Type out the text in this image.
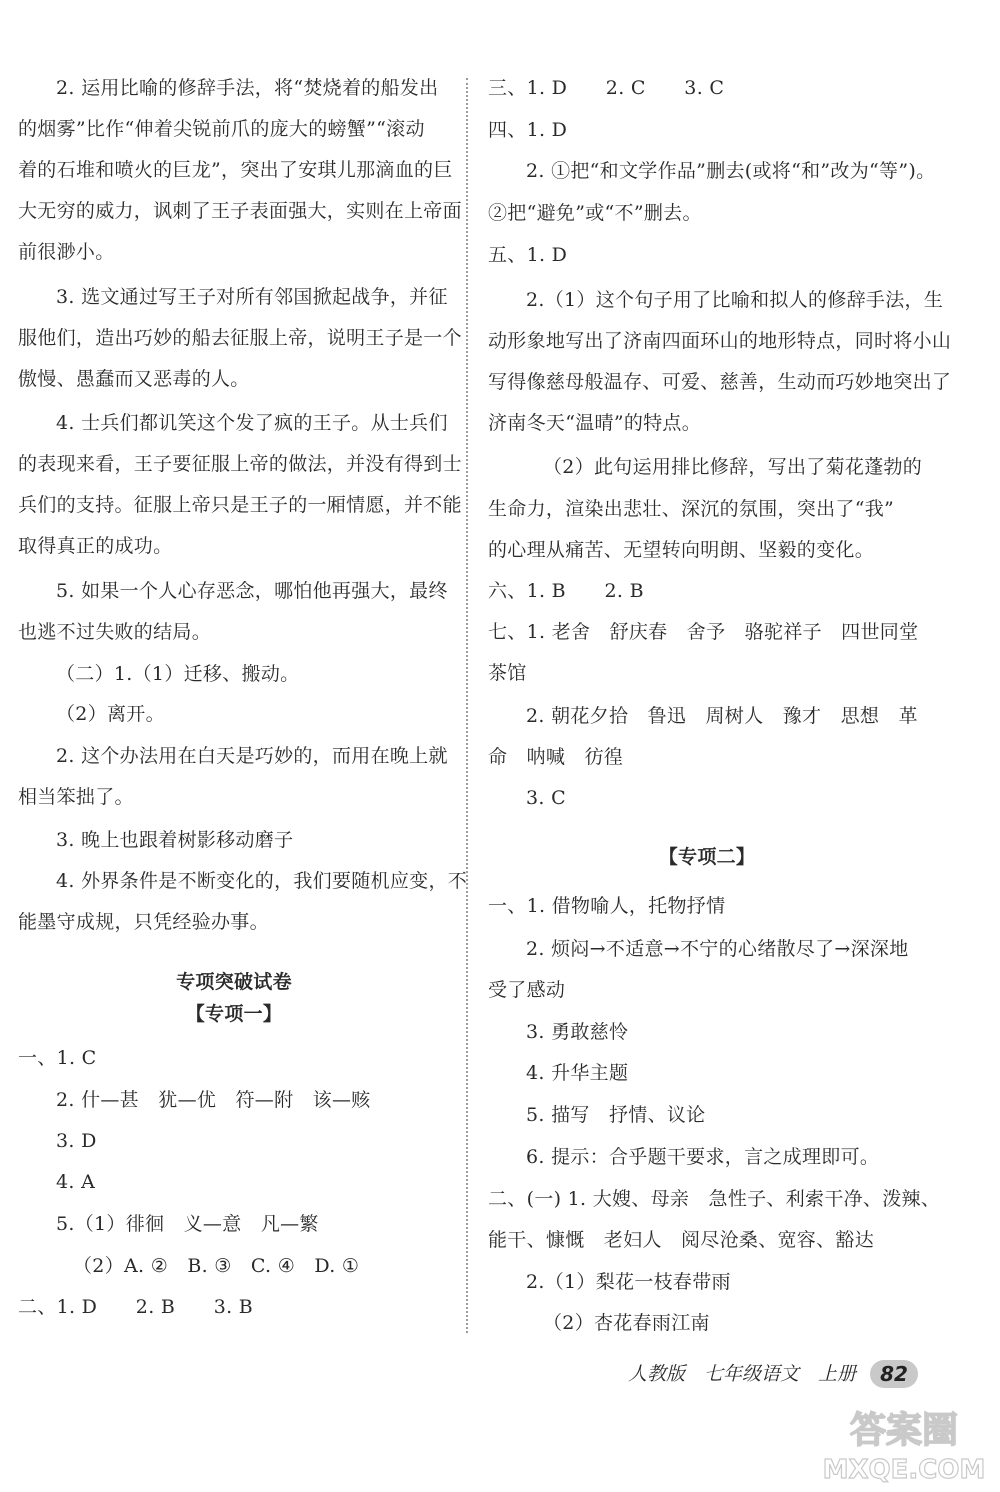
2. 运用比喻的修辞手法，将“焚烧着的船发出
的烟雾”比作“伸着尖锐前爪的庞大的螃蟹”“滚动
着的石堆和喷火的巨龙”，突出了安琪儿那滴血的巨
大无穷的威力，讽刺了王子表面强大，实则在上帝面
前很渺小。
3. 选文通过写王子对所有邻国掀起战争，并征
服他们，造出巧妙的船去征服上帝，说明王子是一个
傲慢、愚蠢而又恶毒的人。
4. 士兵们都讥笑这个发了疯的王子。从士兵们
的表现来看，王子要征服上帝的做法，并没有得到士
兵们的支持。征服上帝只是王子的一厢情愿，并不能
取得真正的成功。
5. 如果一个人心存恶念，哪怕他再强大，最终
也逃不过失败的结局。
（二）1.（1）迁移、搬动。
（2）离开。
2. 这个办法用在白天是巧妙的，而用在晚上就
相当笨拙了。
3. 晚上也跟着树影移动磨子
4. 外界条件是不断变化的，我们要随机应变，不
能墨守成规，只凭经验办事。
专项突破试卷
【专项一】
一、1. C
2. 什—甚　犹—优　符—附　该—赅
3. D
4. A
5.（1）徘徊　义—意　凡—繁
（2）A. ②　B. ③　C. ④　D. ①
二、1. D　　2. B　　3. B
三、1. D　　2. C　　3. C
四、1. D
2. ①把“和文学作品”删去(或将“和”改为“等”)。
②把“避免”或“不”删去。
五、1. D
2.（1）这个句子用了比喻和拟人的修辞手法，生
动形象地写出了济南四面环山的地形特点，同时将小山
写得像慈母般温存、可爱、慈善，生动而巧妙地突出了
济南冬天“温晴”的特点。
（2）此句运用排比修辞，写出了菊花蓬勃的
生命力，渲染出悲壮、深沉的氛围，突出了“我”
的心理从痛苦、无望转向明朗、坚毅的变化。
六、1. B　　2. B
七、1. 老舍　舒庆春　舍予　骆驼祥子　四世同堂
茶馆
2. 朝花夕拾　鲁迅　周树人　豫才　思想　革
命　呐喊　彷徨
3. C
【专项二】
一、1. 借物喻人，托物抒情
2. 烦闷→不适意→不宁的心绪散尽了→深深地
受了感动
3. 勇敢慈怜
4. 升华主题
5. 描写　抒情、议论
6. 提示：合乎题干要求，言之成理即可。
二、(一) 1. 大嫂、母亲　急性子、利索干净、泼辣、
能干、慷慨　老妇人　阅尽沧桑、宽容、豁达
2.（1）梨花一枝春带雨
（2）杏花春雨江南
人教版　七年级语文　上册	82
答案圈
MXQE.COM
